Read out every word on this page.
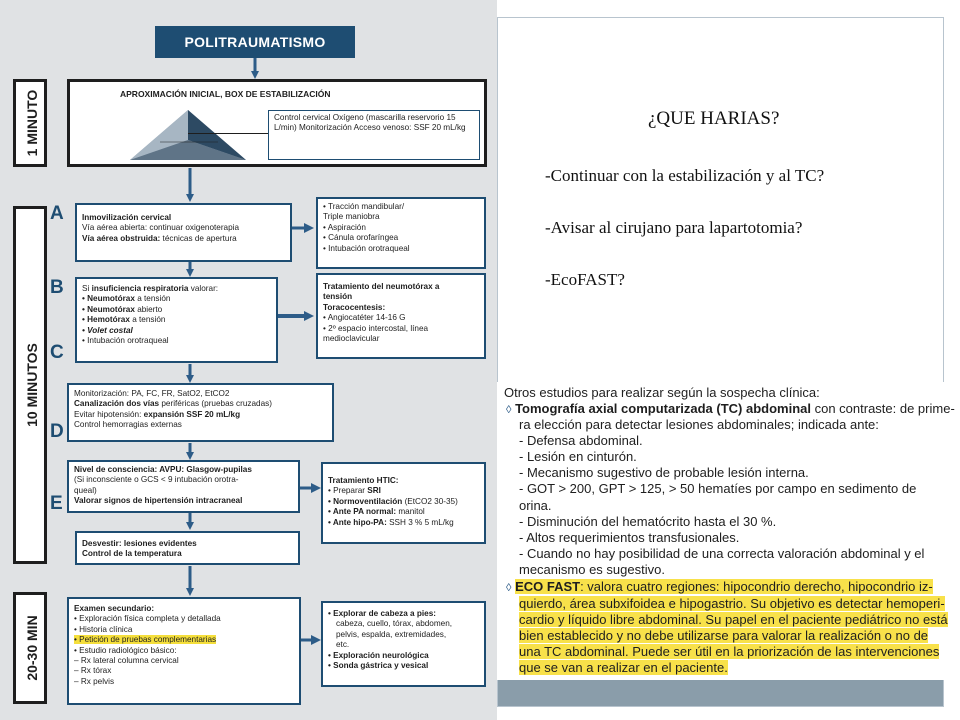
POLITRAUMATISMO
1 MINUTO
10 MINUTOS
20-30 MIN
A
B
C
D
E
APROXIMACIÓN INICIAL, BOX DE ESTABILIZACIÓN
Control cervical Oxígeno (mascarilla reservorio 15 L/min) Monitorización Acceso venoso: SSF 20 mL/kg
Inmovilización cervical
Vía aérea abierta: continuar oxigenoterapia
Vía aérea obstruida: técnicas de apertura
• Tracción mandibular/
Triple maniobra
• Aspiración
• Cánula orofaríngea
• Intubación orotraqueal
Si insuficiencia respiratoria valorar:
• Neumotórax a tensión
• Neumotórax abierto
• Hemotórax a tensión
• Volet costal
• Intubación orotraqueal
Tratamiento del neumotórax a
tensión
Toracocentesis:
• Angiocatéter 14-16 G
• 2º espacio intercostal, línea
medioclavicular
Monitorización: PA, FC, FR, SatO2, EtCO2
Canalización dos vías periféricas (pruebas cruzadas)
Evitar hipotensión: expansión SSF 20 mL/kg
Control hemorragias externas
Nivel de consciencia: AVPU: Glasgow-pupilas
(Si inconsciente o GCS < 9 intubación orotra-
queal)
Valorar signos de hipertensión intracraneal
Tratamiento HTIC:
• Preparar SRI
• Normoventilación (EtCO2 30-35)
• Ante PA normal: manitol
• Ante hipo-PA: SSH 3 % 5 mL/kg
Desvestir: lesiones evidentes
Control de la temperatura
Examen secundario:
• Exploración física completa y detallada
• Historia clínica
• Petición de pruebas complementarias
• Estudio radiológico básico:
– Rx lateral columna cervical
– Rx tórax
– Rx pelvis
• Explorar de cabeza a pies:
cabeza, cuello, tórax, abdomen,
pelvis, espalda, extremidades,
etc.
• Exploración neurológica
• Sonda gástrica y vesical
¿QUE HARIAS?
-Continuar con la estabilización y al TC?
-Avisar al cirujano para lapartotomia?
-EcoFAST?
Otros estudios para realizar según la sospecha clínica:
◊ Tomografía axial computarizada (TC) abdominal con contraste: de prime-
ra elección para detectar lesiones abdominales; indicada ante:
- Defensa abdominal.
- Lesión en cinturón.
- Mecanismo sugestivo de probable lesión interna.
- GOT > 200, GPT > 125, > 50 hematíes por campo en sedimento de
orina.
- Disminución del hematócrito hasta el 30 %.
- Altos requerimientos transfusionales.
- Cuando no hay posibilidad de una correcta valoración abdominal y el
mecanismo es sugestivo.
◊ ECO FAST: valora cuatro regiones: hipocondrio derecho, hipocondrio iz-
quierdo, área subxifoidea e hipogastrio. Su objetivo es detectar hemoperi-
cardio y líquido libre abdominal. Su papel en el paciente pediátrico no está
bien establecido y no debe utilizarse para valorar la realización o no de
una TC abdominal. Puede ser útil en la priorización de las intervenciones
que se van a realizar en el paciente.
